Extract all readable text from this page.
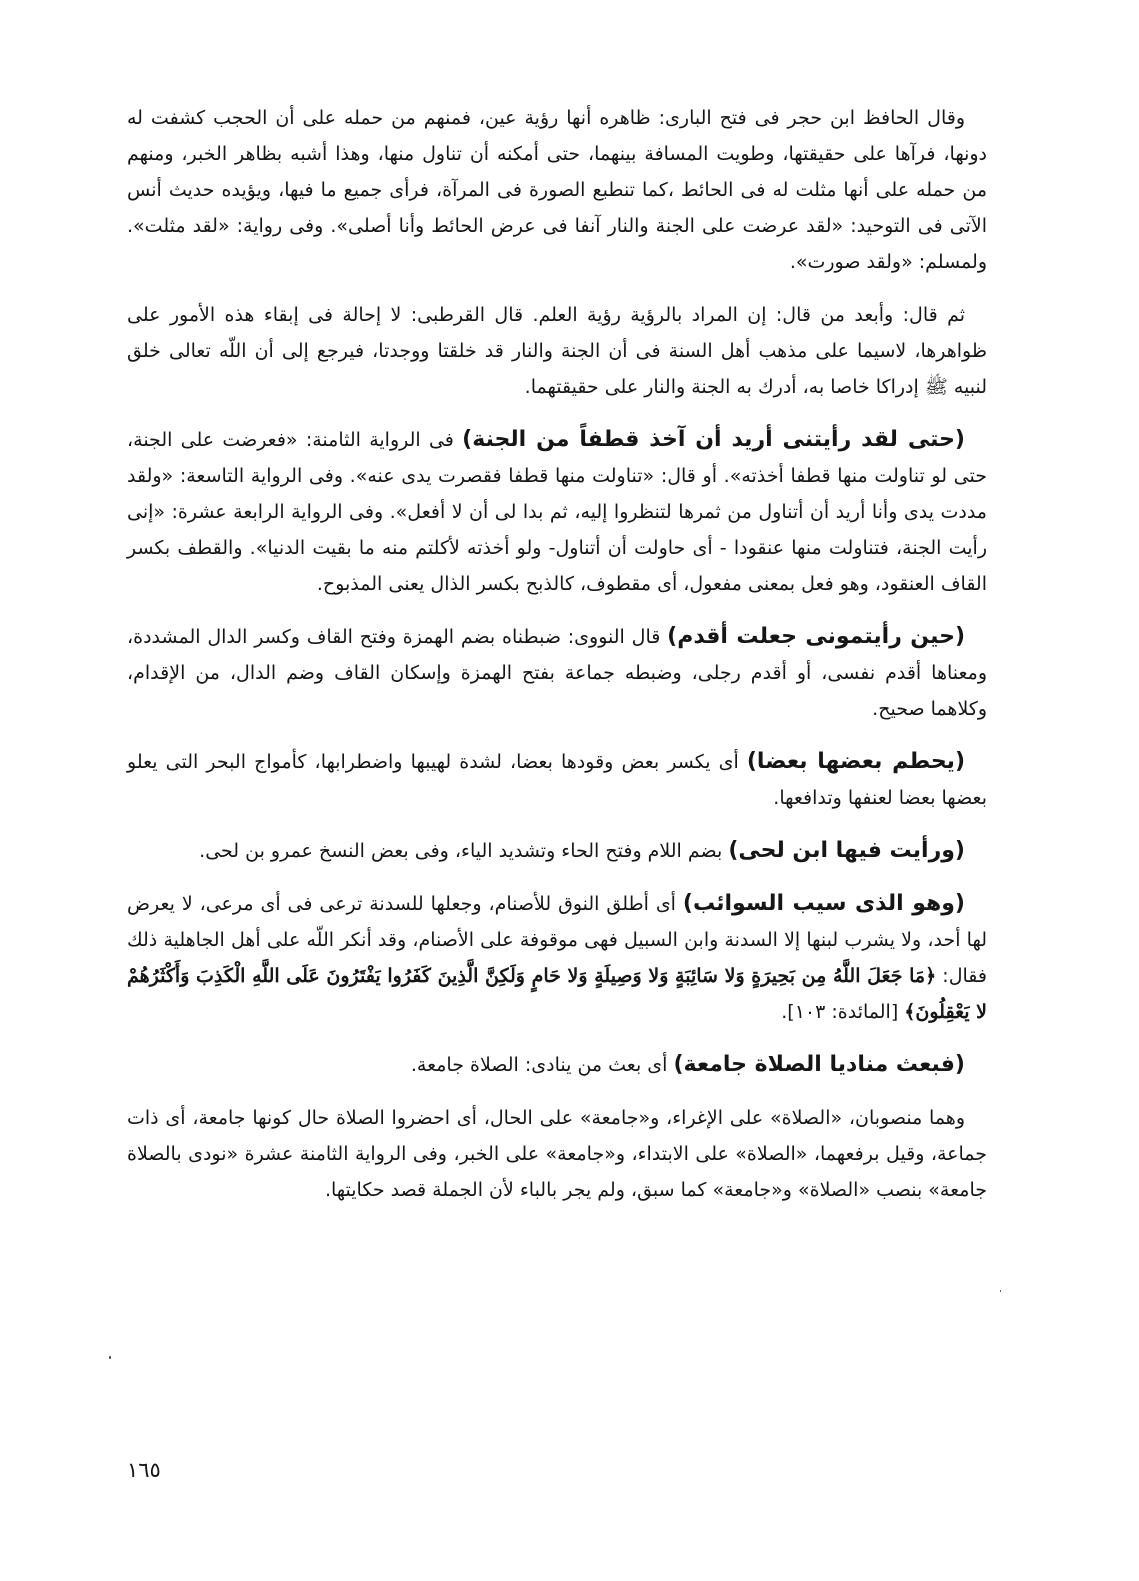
وقال الحافظ ابن حجر فى فتح البارى: ظاهره أنها رؤية عين، فمنهم من حمله على أن الحجب كشفت له دونها، فرآها على حقيقتها، وطويت المسافة بينهما، حتى أمكنه أن تناول منها، وهذا أشبه بظاهر الخبر، ومنهم من حمله على أنها مثلت له فى الحائط ،كما تنطبع الصورة فى المرآة، فرأى جميع ما فيها، ويؤيده حديث أنس الآتى فى التوحيد: «لقد عرضت على الجنة والنار آنفا فى عرض الحائط وأنا أصلى». وفى رواية: «لقد مثلت». ولمسلم: «ولقد صورت».

ثم قال: وأبعد من قال: إن المراد بالرؤية رؤية العلم. قال القرطبى: لا إحالة فى إبقاء هذه الأمور على ظواهرها، لاسيما على مذهب أهل السنة فى أن الجنة والنار قد خلقتا ووجدتا، فيرجع إلى أن اللّه تعالى خلق لنبيه ﷺ إدراكا خاصا به، أدرك به الجنة والنار على حقيقتهما.

(حتى لقد رأيتنى أريد أن آخذ قطفاً من الجنة) فى الرواية الثامنة: «فعرضت على الجنة، حتى لو تناولت منها قطفا أخذته». أو قال: «تناولت منها قطفا فقصرت يدى عنه». وفى الرواية التاسعة: «ولقد مددت يدى وأنا أريد أن أتناول من ثمرها لتنظروا إليه، ثم بدا لى أن لا أفعل». وفى الرواية الرابعة عشرة: «إنى رأيت الجنة، فتناولت منها عنقودا - أى حاولت أن أتناول- ولو أخذته لأكلتم منه ما بقيت الدنيا». والقطف بكسر القاف العنقود، وهو فعل بمعنى مفعول، أى مقطوف، كالذبح بكسر الذال يعنى المذبوح.

(حين رأيتمونى جعلت أقدم) قال النووى: ضبطناه بضم الهمزة وفتح القاف وكسر الدال المشددة، ومعناها أقدم نفسى، أو أقدم رجلى، وضبطه جماعة بفتح الهمزة وإسكان القاف وضم الدال، من الإقدام، وكلاهما صحيح.

(يحطم بعضها بعضا) أى يكسر بعض وقودها بعضا، لشدة لهيبها واضطرابها، كأمواج البحر التى يعلو بعضها بعضا لعنفها وتدافعها.

(ورأيت فيها ابن لحى) بضم اللام وفتح الحاء وتشديد الياء، وفى بعض النسخ عمرو بن لحى.

(وهو الذى سيب السوائب) أى أطلق النوق للأصنام، وجعلها للسدنة ترعى فى أى مرعى، لا يعرض لها أحد، ولا يشرب لبنها إلا السدنة وابن السبيل فهى موقوفة على الأصنام، وقد أنكر اللّه على أهل الجاهلية ذلك فقال: ﴿مَا جَعَلَ اللَّهُ مِن بَحِيرَةٍ وَلا سَائِبَةٍ وَلا وَصِيلَةٍ وَلا حَامٍ وَلَكِنَّ الَّذِينَ كَفَرُوا يَفْتَرُونَ عَلَى اللَّهِ الْكَذِبَ وَأَكْثَرُهُمْ لا يَعْقِلُونَ﴾ [المائدة: ١٠٣].

(فبعث مناديا الصلاة جامعة) أى بعث من ينادى: الصلاة جامعة.

وهما منصوبان، «الصلاة» على الإغراء، و«جامعة» على الحال، أى احضروا الصلاة حال كونها جامعة، أى ذات جماعة، وقيل برفعهما، «الصلاة» على الابتداء، و«جامعة» على الخبر، وفى الرواية الثامنة عشرة «نودى بالصلاة جامعة» بنصب «الصلاة» و«جامعة» كما سبق، ولم يجر بالباء لأن الجملة قصد حكايتها.

١٦٥
